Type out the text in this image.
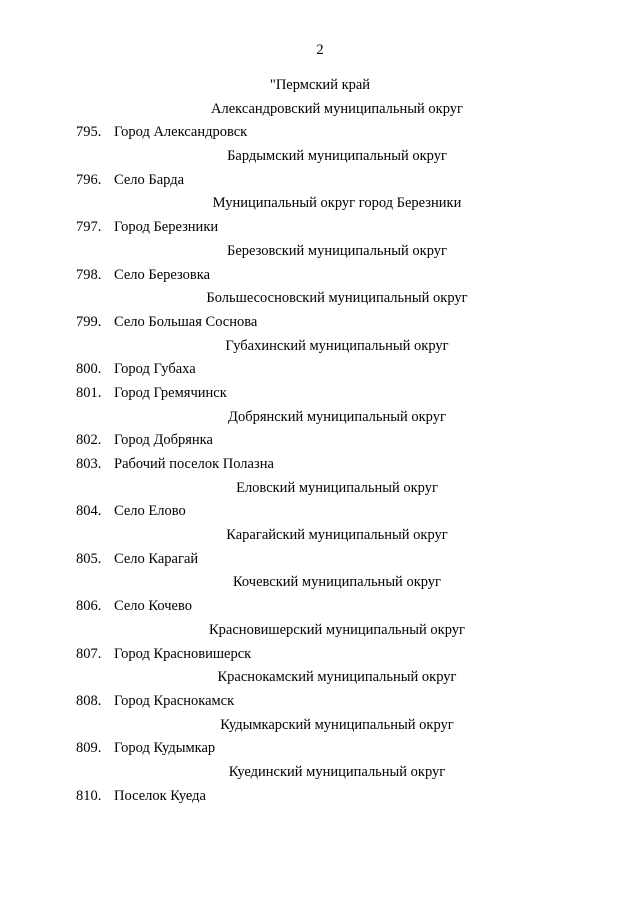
2
"Пермский край
Александровский муниципальный округ
795. Город Александровск
Бардымский муниципальный округ
796. Село Барда
Муниципальный округ город Березники
797. Город Березники
Березовский муниципальный округ
798. Село Березовка
Большесосновский муниципальный округ
799. Село Большая Соснова
Губахинский муниципальный округ
800. Город Губаха
801. Город Гремячинск
Добрянский муниципальный округ
802. Город Добрянка
803. Рабочий поселок Полазна
Еловский муниципальный округ
804. Село Елово
Карагайский муниципальный округ
805. Село Карагай
Кочевский муниципальный округ
806. Село Кочево
Красновишерский муниципальный округ
807. Город Красновишерск
Краснокамский муниципальный округ
808. Город Краснокамск
Кудымкарский муниципальный округ
809. Город Кудымкар
Куединский муниципальный округ
810. Поселок Куеда
